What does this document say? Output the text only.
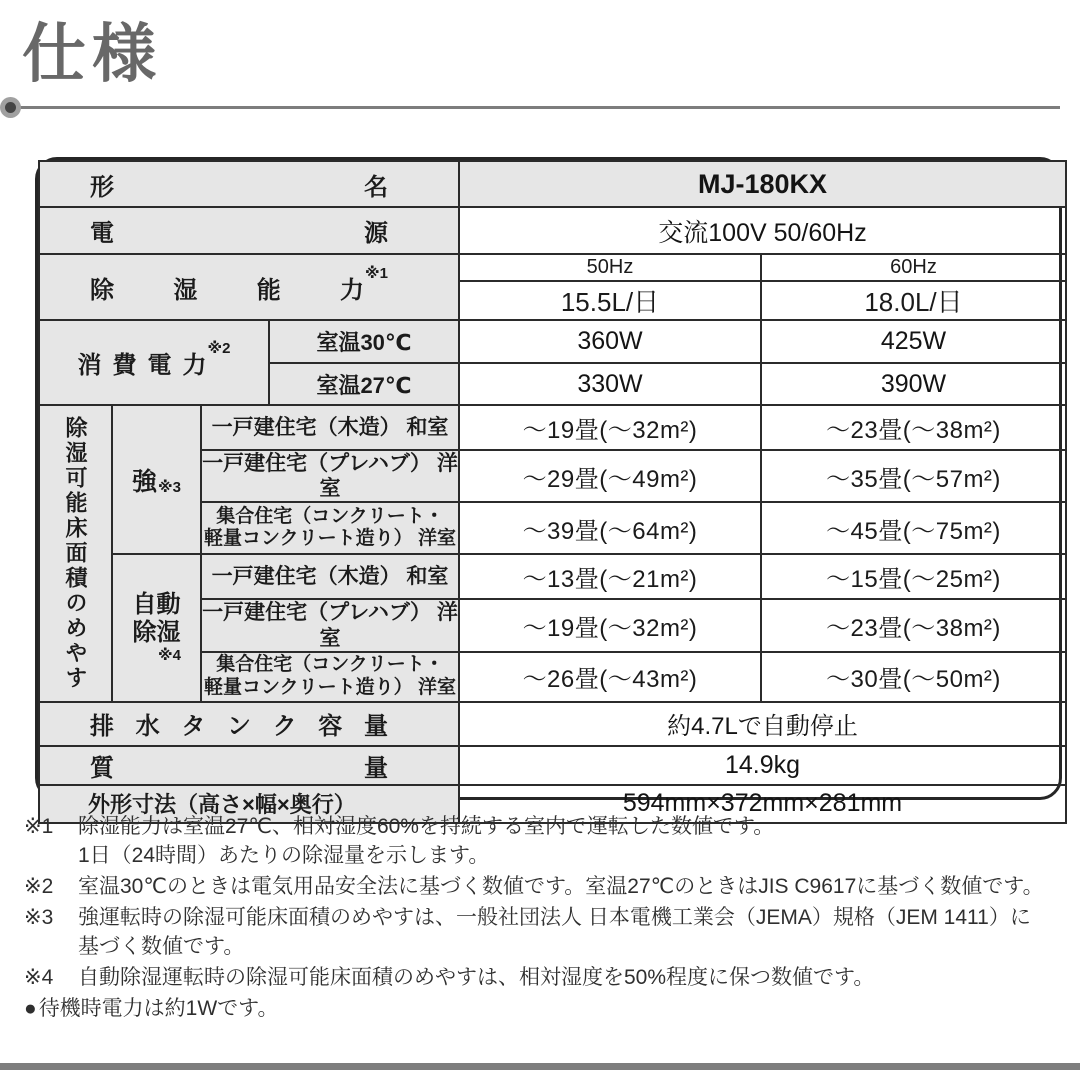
仕様
形 名				MJ-180KX	

電 源				交流100V 50/60Hz	

除 湿 能 力
※1				50Hz	60Hz
				15.5L/日	18.0L/日

消 費 電 力
※2			室温30℃	360W	425W
			室温27℃	330W	390W

除湿可能床面積のめやす	強※3	一戸建住宅（木造） 和室		〜19畳(〜32m²)	〜23畳(〜38m²)

		一戸建住宅（プレハブ） 洋室		〜29畳(〜49m²)	〜35畳(〜57m²)

		集合住宅（コンクリート・
軽量コンクリート造り） 洋室		〜39畳(〜64m²)	〜45畳(〜75m²)

	自動
除湿
※4	一戸建住宅（木造） 和室		〜13畳(〜21m²)	〜15畳(〜25m²)

		一戸建住宅（プレハブ） 洋室		〜19畳(〜32m²)	〜23畳(〜38m²)

		集合住宅（コンクリート・
軽量コンクリート造り） 洋室		〜26畳(〜43m²)	〜30畳(〜50m²)

排 水 タ ン ク 容 量	約4.7Lで自動停止

質 量				14.9kg	
外形寸法（高さ×幅×奥行）				594mm×372mm×281mm	
※1	除湿能力は室温27℃、相対湿度60%を持続する室内で運転した数値です。
1日（24時間）あたりの除湿量を示します。
※2	室温30℃のときは電気用品安全法に基づく数値です。室温27℃のときはJIS C9617に基づく数値です。
※3	強運転時の除湿可能床面積のめやすは、一般社団法人 日本電機工業会（JEMA）規格（JEM 1411）に
基づく数値です。
※4	自動除湿運転時の除湿可能床面積のめやすは、相対湿度を50%程度に保つ数値です。
● 待機時電力は約1Wです。
